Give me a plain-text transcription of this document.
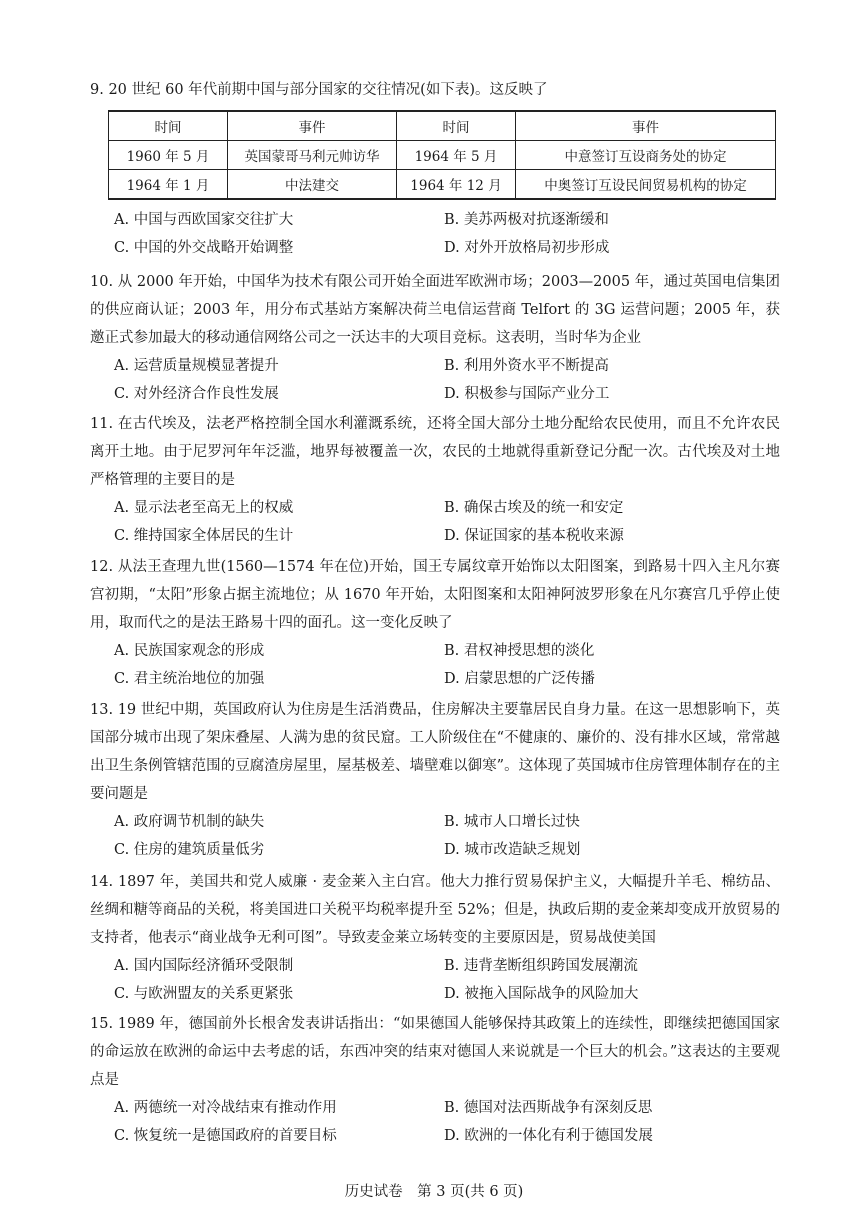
9. 20 世纪 60 年代前期中国与部分国家的交往情况(如下表)。这反映了

时间	事件	时间	事件
1960 年 5 月	英国蒙哥马利元帅访华	1964 年 5 月	中意签订互设商务处的协定
1964 年 1 月	中法建交	1964 年 12 月	中奥签订互设民间贸易机构的协定
A. 中国与西欧国家交往扩大	B. 美苏两极对抗逐渐缓和
C. 中国的外交战略开始调整	D. 对外开放格局初步形成

10. 从 2000 年开始，中国华为技术有限公司开始全面进军欧洲市场；2003—2005 年，通过英国电信集团的供应商认证；2003 年，用分布式基站方案解决荷兰电信运营商 Telfort 的 3G 运营问题；2005 年，获邀正式参加最大的移动通信网络公司之一沃达丰的大项目竞标。这表明，当时华为企业

A. 运营质量规模显著提升	B. 利用外资水平不断提高
C. 对外经济合作良性发展	D. 积极参与国际产业分工

11. 在古代埃及，法老严格控制全国水利灌溉系统，还将全国大部分土地分配给农民使用，而且不允许农民离开土地。由于尼罗河年年泛滥，地界每被覆盖一次，农民的土地就得重新登记分配一次。古代埃及对土地严格管理的主要目的是

A. 显示法老至高无上的权威	B. 确保古埃及的统一和安定
C. 维持国家全体居民的生计	D. 保证国家的基本税收来源

12. 从法王查理九世(1560—1574 年在位)开始，国王专属纹章开始饰以太阳图案，到路易十四入主凡尔赛宫初期，“太阳”形象占据主流地位；从 1670 年开始，太阳图案和太阳神阿波罗形象在凡尔赛宫几乎停止使用，取而代之的是法王路易十四的面孔。这一变化反映了

A. 民族国家观念的形成	B. 君权神授思想的淡化
C. 君主统治地位的加强	D. 启蒙思想的广泛传播

13. 19 世纪中期，英国政府认为住房是生活消费品，住房解决主要靠居民自身力量。在这一思想影响下，英国部分城市出现了架床叠屋、人满为患的贫民窟。工人阶级住在“不健康的、廉价的、没有排水区域，常常越出卫生条例管辖范围的豆腐渣房屋里，屋基极差、墙壁难以御寒”。这体现了英国城市住房管理体制存在的主要问题是

A. 政府调节机制的缺失	B. 城市人口增长过快
C. 住房的建筑质量低劣	D. 城市改造缺乏规划

14. 1897 年，美国共和党人威廉 · 麦金莱入主白宫。他大力推行贸易保护主义，大幅提升羊毛、棉纺品、丝绸和糖等商品的关税，将美国进口关税平均税率提升至 52%；但是，执政后期的麦金莱却变成开放贸易的支持者，他表示“商业战争无利可图”。导致麦金莱立场转变的主要原因是，贸易战使美国

A. 国内国际经济循环受限制	B. 违背垄断组织跨国发展潮流
C. 与欧洲盟友的关系更紧张	D. 被拖入国际战争的风险加大

15. 1989 年，德国前外长根舍发表讲话指出：“如果德国人能够保持其政策上的连续性，即继续把德国国家的命运放在欧洲的命运中去考虑的话，东西冲突的结束对德国人来说就是一个巨大的机会。”这表达的主要观点是

A. 两德统一对冷战结束有推动作用	B. 德国对法西斯战争有深刻反思
C. 恢复统一是德国政府的首要目标	D. 欧洲的一体化有利于德国发展
历史试卷　第 3 页(共 6 页)
